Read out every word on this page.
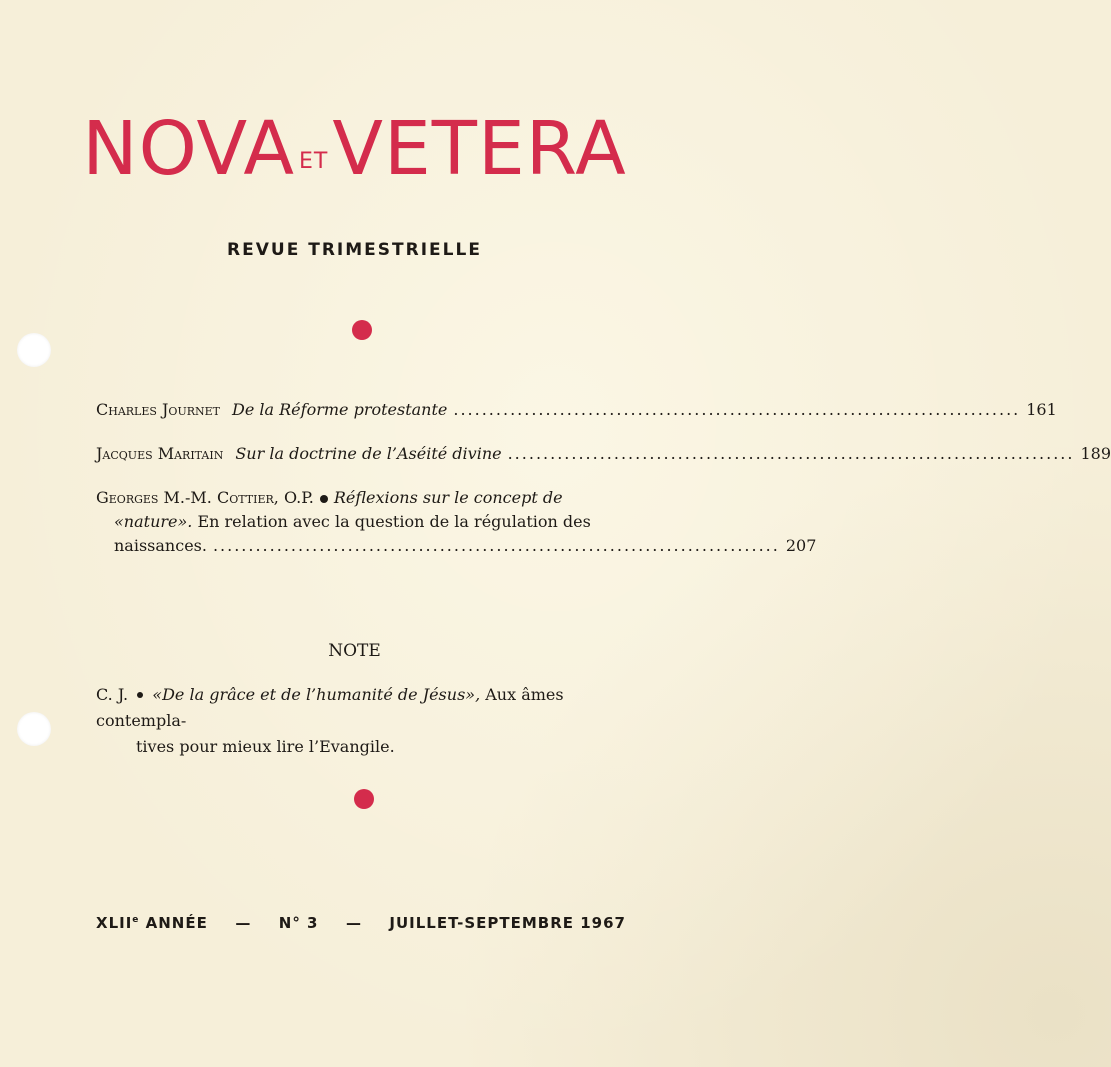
NOVA ETVETERA
REVUE TRIMESTRIELLE
Charles Journet De la Réforme protestante ................................................................................ 161
Jacques Maritain Sur la doctrine de l’Aséité divine ................................................................................ 189
Georges M.-M. Cottier, O.P. Réflexions sur le concept de
«nature».
En relation avec la question de la régulation des
naissances. ................................................................................ 207
NOTE
C. J. «De la grâce et de l’humanité de Jésus», Aux âmes contempla-
tives pour mieux lire l’Evangile.
XLIIe ANNÉE — N° 3 — JUILLET-SEPTEMBRE 1967
